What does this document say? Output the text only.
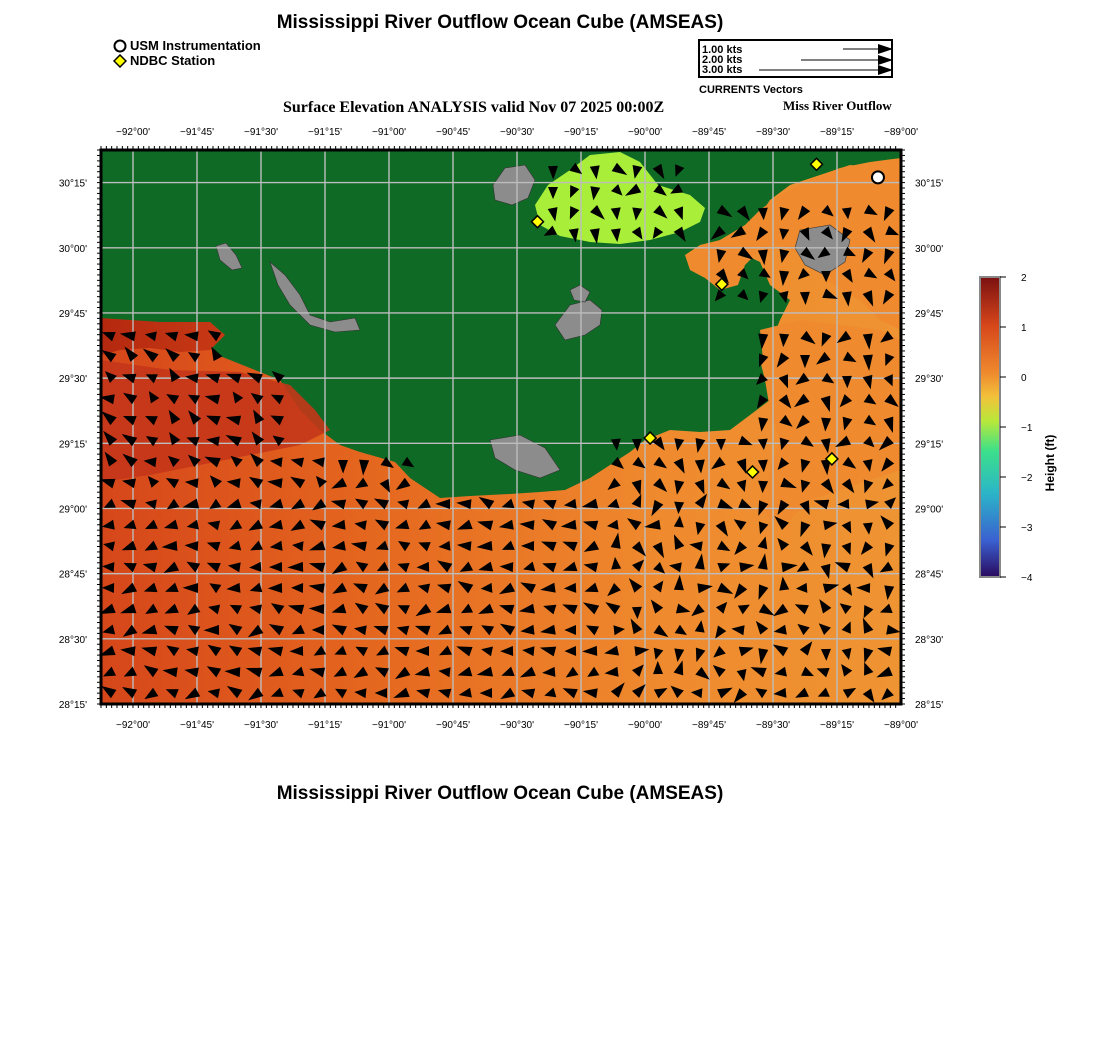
Mississippi River Outflow Ocean Cube (AMSEAS)
USM Instrumentation
NDBC Station
1.00 kts
2.00 kts
3.00 kts
CURRENTS Vectors
Surface Elevation ANALYSIS valid Nov 07 2025 00:00Z	Miss River Outflow
−92°00'
−92°00'
−91°45'
−91°45'
−91°30'
−91°30'
−91°15'
−91°15'
−91°00'
−91°00'
−90°45'
−90°45'
−90°30'
−90°30'
−90°15'
−90°15'
−90°00'
−90°00'
−89°45'
−89°45'
−89°30'
−89°30'
−89°15'
−89°15'
−89°00'
−89°00'
30°15'	30°15'
30°00'	30°00'
29°45'	29°45'
29°30'	29°30'
29°15'	29°15'
29°00'	29°00'
28°45'	28°45'
28°30'	28°30'
28°15'	28°15'
2
1
0
−1
−2
−3
−4
Height (ft)
Mississippi River Outflow Ocean Cube (AMSEAS)
